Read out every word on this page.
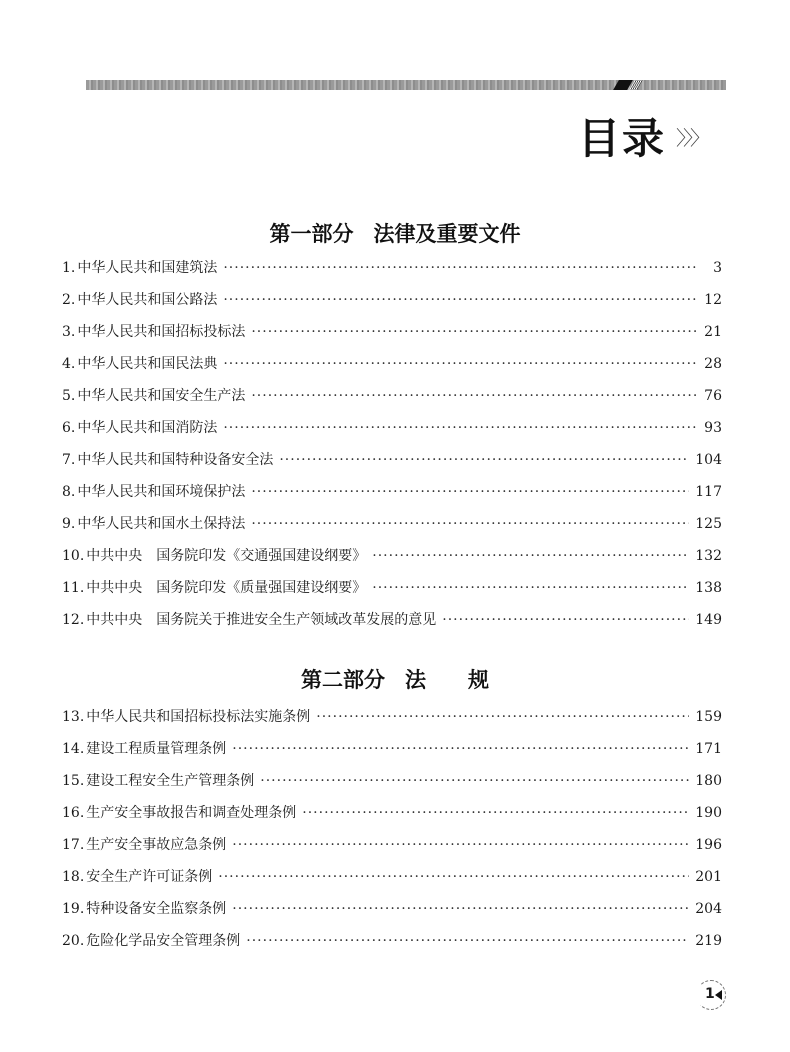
目录 〉〉〉
第一部分 法律及重要文件
1. 中华人民共和国建筑法 ·····	3
2. 中华人民共和国公路法 ·····	12
3. 中华人民共和国招标投标法 ·····	21
4. 中华人民共和国民法典 ·····	28
5. 中华人民共和国安全生产法 ·····	76
6. 中华人民共和国消防法 ·····	93
7. 中华人民共和国特种设备安全法 ·····	104
8. 中华人民共和国环境保护法 ·····	117
9. 中华人民共和国水土保持法 ·····	125
10. 中共中央　国务院印发《交通强国建设纲要》 ·····	132
11. 中共中央　国务院印发《质量强国建设纲要》 ·····	138
12. 中共中央　国务院关于推进安全生产领域改革发展的意见 ·····	149
第二部分 法　　规
13. 中华人民共和国招标投标法实施条例 ·····	159
14. 建设工程质量管理条例 ·····	171
15. 建设工程安全生产管理条例 ·····	180
16. 生产安全事故报告和调查处理条例 ·····	190
17. 生产安全事故应急条例 ·····	196
18. 安全生产许可证条例 ·····	201
19. 特种设备安全监察条例 ·····	204
20. 危险化学品安全管理条例 ·····	219
1
